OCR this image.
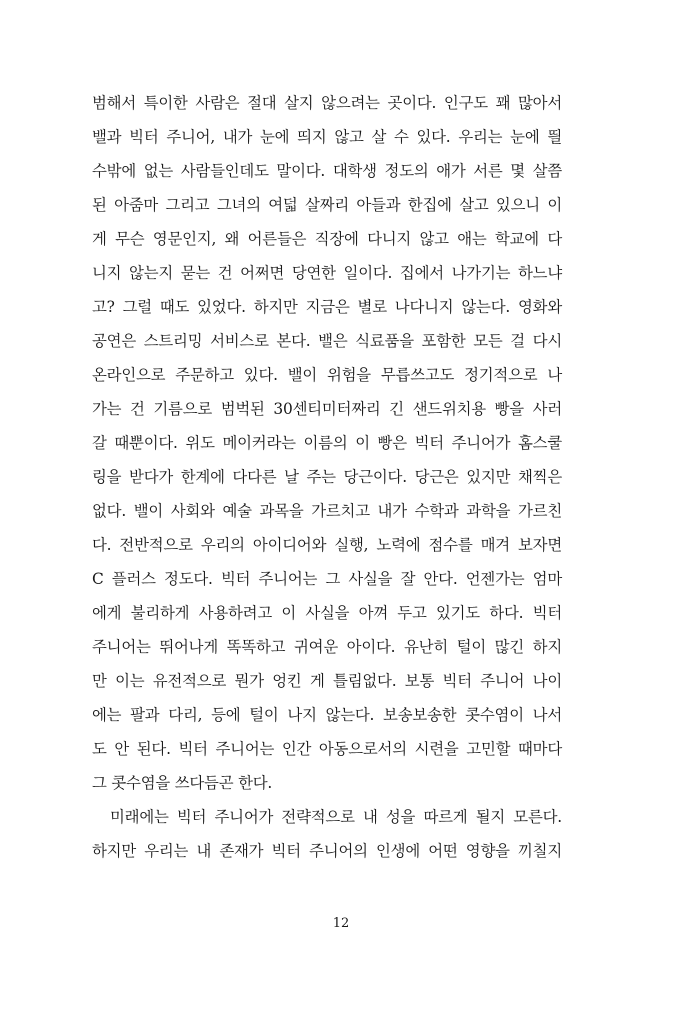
범해서 특이한 사람은 절대 살지 않으려는 곳이다. 인구도 꽤 많아서
밸과 빅터 주니어, 내가 눈에 띄지 않고 살 수 있다. 우리는 눈에 띌
수밖에 없는 사람들인데도 말이다. 대학생 정도의 애가 서른 몇 살쯤
된 아줌마 그리고 그녀의 여덟 살짜리 아들과 한집에 살고 있으니 이
게 무슨 영문인지, 왜 어른들은 직장에 다니지 않고 애는 학교에 다
니지 않는지 묻는 건 어쩌면 당연한 일이다. 집에서 나가기는 하느냐
고? 그럴 때도 있었다. 하지만 지금은 별로 나다니지 않는다. 영화와
공연은 스트리밍 서비스로 본다. 밸은 식료품을 포함한 모든 걸 다시
온라인으로 주문하고 있다. 밸이 위험을 무릅쓰고도 정기적으로 나
가는 건 기름으로 범벅된 30센티미터짜리 긴 샌드위치용 빵을 사러
갈 때뿐이다. 위도 메이커라는 이름의 이 빵은 빅터 주니어가 홈스쿨
링을 받다가 한계에 다다른 날 주는 당근이다. 당근은 있지만 채찍은
없다. 밸이 사회와 예술 과목을 가르치고 내가 수학과 과학을 가르친
다. 전반적으로 우리의 아이디어와 실행, 노력에 점수를 매겨 보자면
C 플러스 정도다. 빅터 주니어는 그 사실을 잘 안다. 언젠가는 엄마
에게 불리하게 사용하려고 이 사실을 아껴 두고 있기도 하다. 빅터
주니어는 뛰어나게 똑똑하고 귀여운 아이다. 유난히 털이 많긴 하지
만 이는 유전적으로 뭔가 엉킨 게 틀림없다. 보통 빅터 주니어 나이
에는 팔과 다리, 등에 털이 나지 않는다. 보송보송한 콧수염이 나서
도 안 된다. 빅터 주니어는 인간 아동으로서의 시련을 고민할 때마다
그 콧수염을 쓰다듬곤 한다.
미래에는 빅터 주니어가 전략적으로 내 성을 따르게 될지 모른다.
하지만 우리는 내 존재가 빅터 주니어의 인생에 어떤 영향을 끼칠지
12
